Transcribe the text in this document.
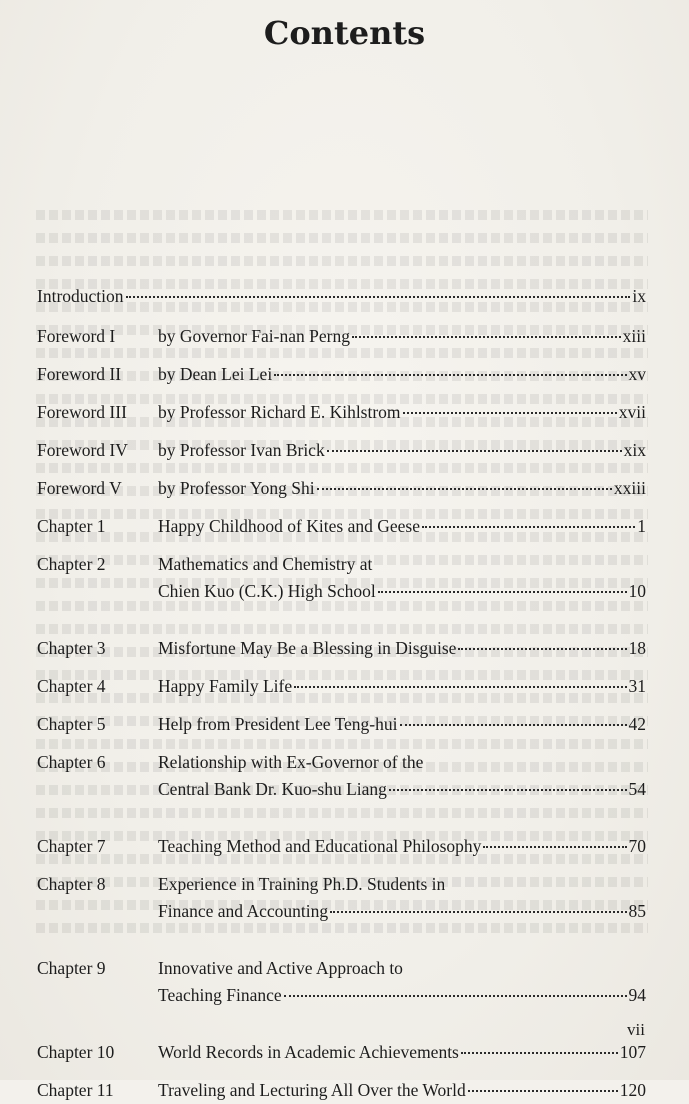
Contents
Introduction	ix
Foreword I by Governor Fai-nan Perng	xiii
Foreword II by Dean Lei Lei	xv
Foreword III by Professor Richard E. Kihlstrom	xvii
Foreword IV by Professor Ivan Brick	xix
Foreword V by Professor Yong Shi	xxiii
Chapter 1	Happy Childhood of Kites and Geese	1
Chapter 2	Mathematics and Chemistry at
Chien Kuo (C.K.) High School	10
Chapter 3	Misfortune May Be a Blessing in Disguise	18
Chapter 4	Happy Family Life	31
Chapter 5	Help from President Lee Teng-hui	42
Chapter 6	Relationship with Ex-Governor of the
Central Bank Dr. Kuo-shu Liang	54
Chapter 7	Teaching Method and Educational Philosophy	70
Chapter 8	Experience in Training Ph.D. Students in
Finance and Accounting	85
Chapter 9	Innovative and Active Approach to
Teaching Finance	94
Chapter 10 World Records in Academic Achievements	107
Chapter 11	Traveling and Lecturing All Over the World	120
vii
